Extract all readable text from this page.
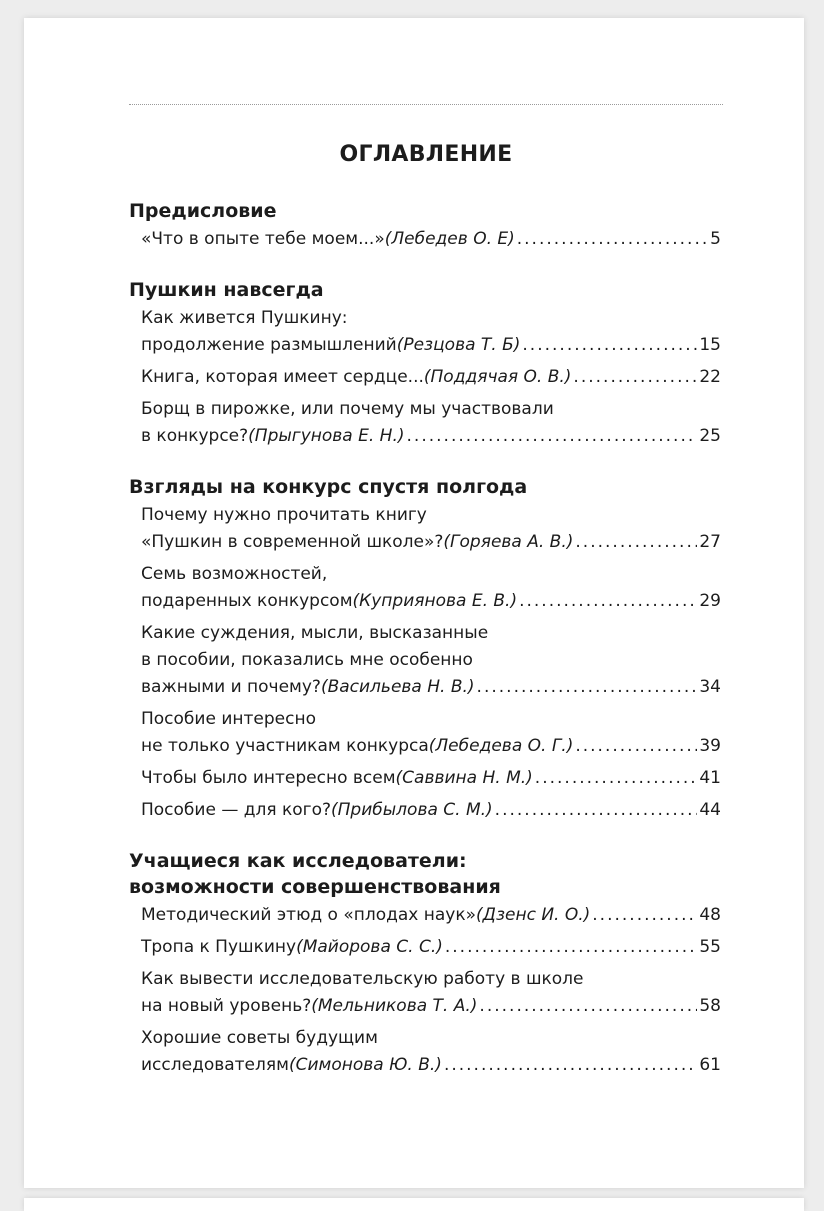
ОГЛАВЛЕНИЕ
Предисловие
«Что в опыте тебе моем...» (Лебедев О. Е) .....	5
Пушкин навсегда
Как живется Пушкину:
продолжение размышлений (Резцова Т. Б) .....	15
Книга, которая имеет сердце... (Поддячая О. В.) .....	22
Борщ в пирожке, или почему мы участвовали
в конкурсе? (Прыгунова Е. Н.) .....	25
Взгляды на конкурс спустя полгода
Почему нужно прочитать книгу
«Пушкин в современной школе»? (Горяева А. В.) .....	27
Семь возможностей,
подаренных конкурсом (Куприянова Е. В.) .....	29
Какие суждения, мысли, высказанные
в пособии, показались мне особенно
важными и почему? (Васильева Н. В.) .....	34
Пособие интересно
не только участникам конкурса (Лебедева О. Г.) .....	39
Чтобы было интересно всем (Саввина Н. М.) .....	41
Пособие — для кого? (Прибылова С. М.) .....	44
Учащиеся как исследователи:
возможности совершенствования
Методический этюд о «плодах наук» (Дзенс И. О.) .....	48
Тропа к Пушкину (Майорова С. С.) .....	55
Как вывести исследовательскую работу в школе
на новый уровень? (Мельникова Т. А.) .....	58
Хорошие советы будущим
исследователям (Симонова Ю. В.) .....	61
